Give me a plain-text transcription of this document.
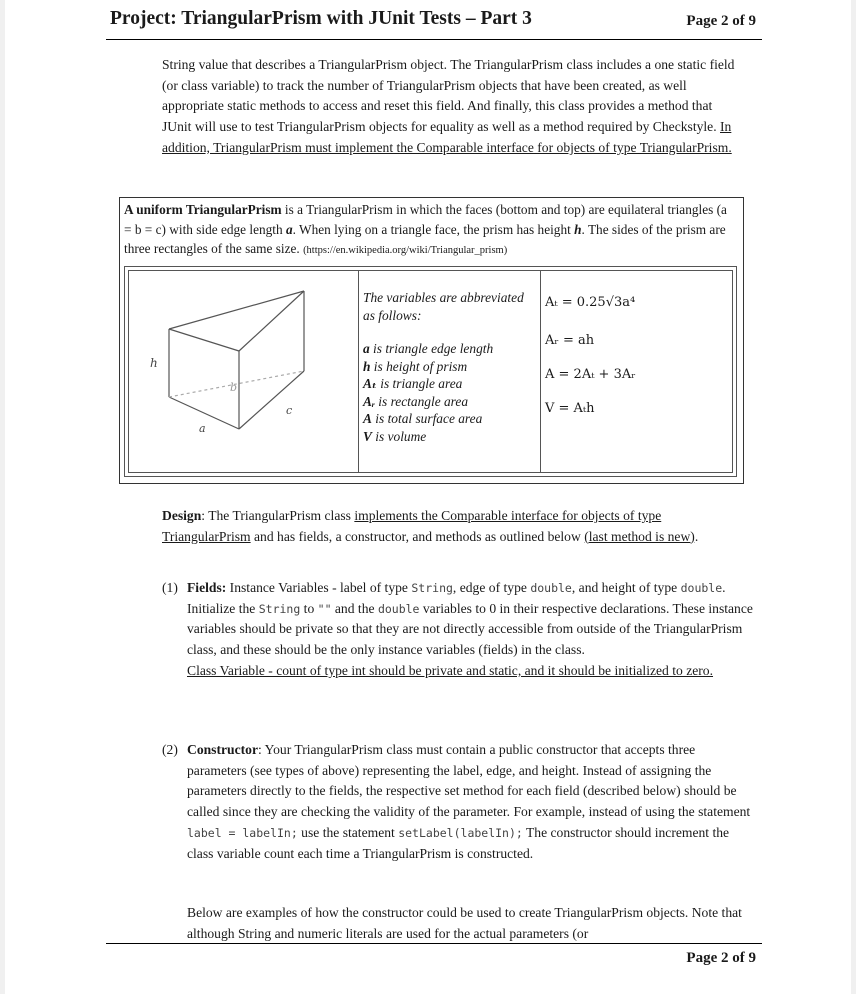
Project: TriangularPrism with JUnit Tests – Part 3	Page 2 of 9
String value that describes a TriangularPrism object. The TriangularPrism class includes a one static field (or class variable) to track the number of TriangularPrism objects that have been created, as well appropriate static methods to access and reset this field. And finally, this class provides a method that JUnit will use to test TriangularPrism objects for equality as well as a method required by Checkstyle. In addition, TriangularPrism must implement the Comparable interface for objects of type TriangularPrism.
A uniform TriangularPrism is a TriangularPrism in which the faces (bottom and top) are equilateral triangles (a = b = c) with side edge length a. When lying on a triangle face, the prism has height h. The sides of the prism are three rectangles of the same size. (https://en.wikipedia.org/wiki/Triangular_prism)
h
b
a
c
The variables are abbreviated as follows:
a is triangle edge length
h is height of prism
Aₜ is triangle area
Aᵣ is rectangle area
A is total surface area
V is volume
Aₜ = 0.25√3a⁴
Aᵣ = ah
A = 2Aₜ + 3Aᵣ
V = Aₜh
Design: The TriangularPrism class implements the Comparable interface for objects of type TriangularPrism and has fields, a constructor, and methods as outlined below (last method is new).
(1) Fields: Instance Variables - label of type String, edge of type double, and height of type double. Initialize the String to "" and the double variables to 0 in their respective declarations. These instance variables should be private so that they are not directly accessible from outside of the TriangularPrism class, and these should be the only instance variables (fields) in the class.
Class Variable - count of type int should be private and static, and it should be initialized to zero.
(2) Constructor: Your TriangularPrism class must contain a public constructor that accepts three parameters (see types of above) representing the label, edge, and height. Instead of assigning the parameters directly to the fields, the respective set method for each field (described below) should be called since they are checking the validity of the parameter. For example, instead of using the statement label = labelIn; use the statement setLabel(labelIn); The constructor should increment the class variable count each time a TriangularPrism is constructed.
Below are examples of how the constructor could be used to create TriangularPrism objects. Note that although String and numeric literals are used for the actual parameters (or
Page 2 of 9
